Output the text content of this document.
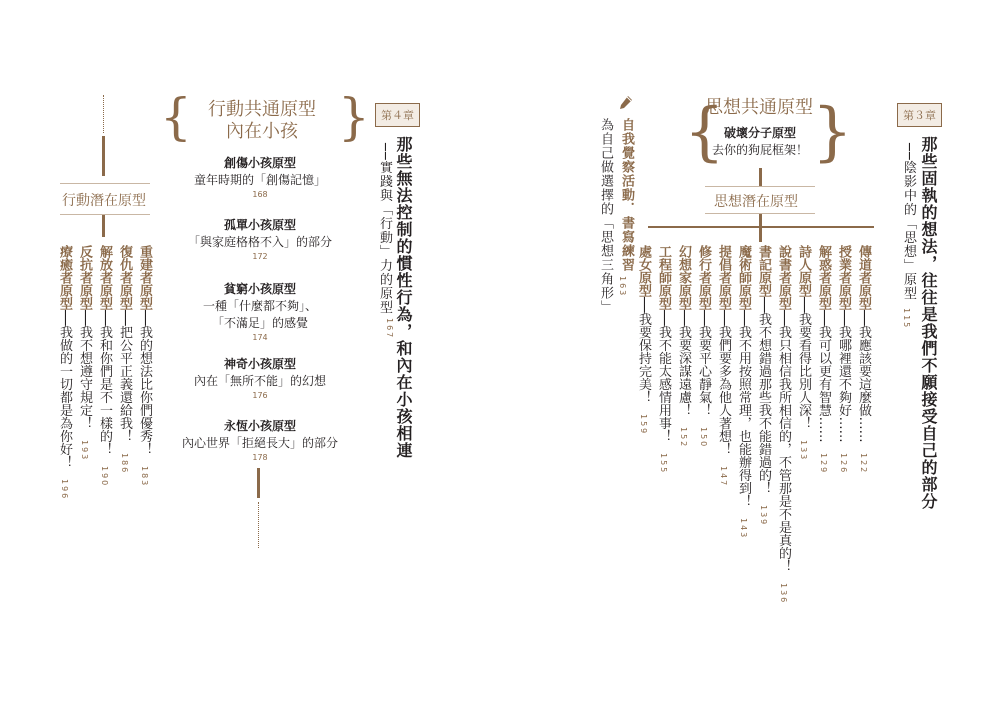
第４章
那些無法控制的慣性行為，和內在小孩相連
──實踐與「行動」力的原型
167
{	}
行動共通原型
內在小孩
創傷小孩原型
童年時期的「創傷記憶」
168
孤單小孩原型
「與家庭格格不入」的部分
172
貧窮小孩原型
一種「什麼都不夠」、
「不滿足」的感覺
174
神奇小孩原型
內在「無所不能」的幻想
176
永恆小孩原型
內心世界「拒絕長大」的部分
178
行動潛在原型
重建者原型──我的想法比你們優秀！183
復仇者原型──把公平正義還給我！186
解放者原型──我和你們是不一樣的！190
反抗者原型──我不想遵守規定！193
療癒者原型──我做的一切都是為你好！196
第３章
那些固執的想法，往往是我們不願接受自己的部分
──陰影中的「思想」原型
115
{ }
思想共通原型
破壞分子原型
去你的狗屁框架！
思想潛在原型
自我覺察活動．書寫練習
為自己做選擇的「思想三角形」 163	傳道者原型──我應該要這麼做……122
授業者原型──我哪裡還不夠好……126
解惑者原型──我可以更有智慧……129
詩人原型──我要看得比別人深！133
說書者原型──我只相信我所相信的，不管那是不是真的！136
書記原型──我不想錯過那些我不能錯過的！139
魔術師原型──我不用按照常理，也能辦得到！143
提倡者原型──我們要多為他人著想！147
修行者原型──我要平心靜氣！150
幻想家原型──我要深謀遠慮！152
工程師原型──我不能太感情用事！155
處女原型──我要保持完美！159
